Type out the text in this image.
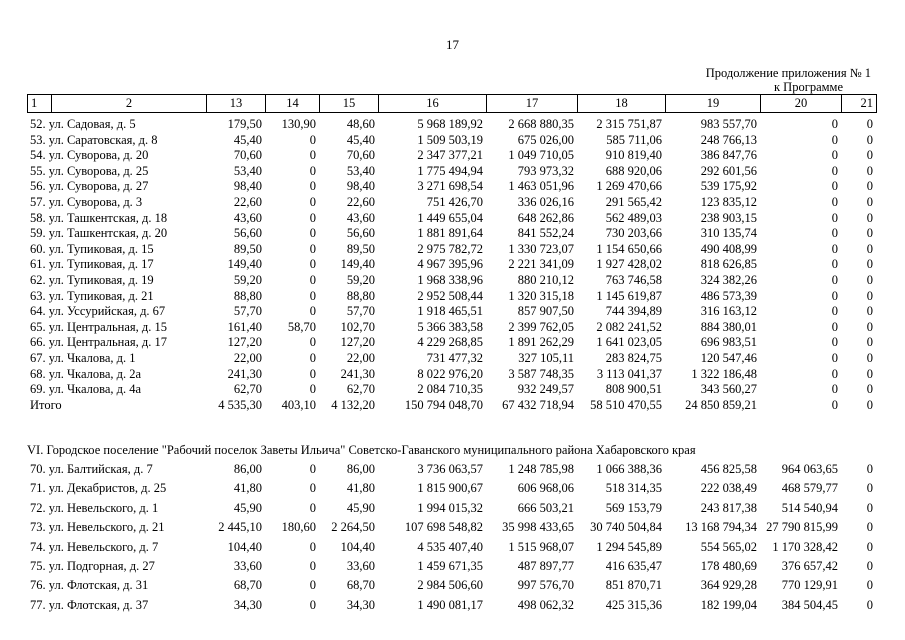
17
Продолжение приложения № 1
к Программе
1	2	13	14	15	16	17	18	19	20	21
52. ул. Садовая, д. 5	179,50	130,90	48,60	5 968 189,92	2 668 880,35	2 315 751,87	983 557,70	0	0
53. ул. Саратовская, д. 8	45,40	0	45,40	1 509 503,19	675 026,00	585 711,06	248 766,13	0	0
54. ул. Суворова, д. 20	70,60	0	70,60	2 347 377,21	1 049 710,05	910 819,40	386 847,76	0	0
55. ул. Суворова, д. 25	53,40	0	53,40	1 775 494,94	793 973,32	688 920,06	292 601,56	0	0
56. ул. Суворова, д. 27	98,40	0	98,40	3 271 698,54	1 463 051,96	1 269 470,66	539 175,92	0	0
57. ул. Суворова, д. 3	22,60	0	22,60	751 426,70	336 026,16	291 565,42	123 835,12	0	0
58. ул. Ташкентская, д. 18	43,60	0	43,60	1 449 655,04	648 262,86	562 489,03	238 903,15	0	0
59. ул. Ташкентская, д. 20	56,60	0	56,60	1 881 891,64	841 552,24	730 203,66	310 135,74	0	0
60. ул. Тупиковая, д. 15	89,50	0	89,50	2 975 782,72	1 330 723,07	1 154 650,66	490 408,99	0	0
61. ул. Тупиковая, д. 17	149,40	0	149,40	4 967 395,96	2 221 341,09	1 927 428,02	818 626,85	0	0
62. ул. Тупиковая, д. 19	59,20	0	59,20	1 968 338,96	880 210,12	763 746,58	324 382,26	0	0
63. ул. Тупиковая, д. 21	88,80	0	88,80	2 952 508,44	1 320 315,18	1 145 619,87	486 573,39	0	0
64. ул. Уссурийская, д. 67	57,70	0	57,70	1 918 465,51	857 907,50	744 394,89	316 163,12	0	0
65. ул. Центральная, д. 15	161,40	58,70	102,70	5 366 383,58	2 399 762,05	2 082 241,52	884 380,01	0	0
66. ул. Центральная, д. 17	127,20	0	127,20	4 229 268,85	1 891 262,29	1 641 023,05	696 983,51	0	0
67. ул. Чкалова, д. 1	22,00	0	22,00	731 477,32	327 105,11	283 824,75	120 547,46	0	0
68. ул. Чкалова, д. 2а	241,30	0	241,30	8 022 976,20	3 587 748,35	3 113 041,37	1 322 186,48	0	0
69. ул. Чкалова, д. 4а	62,70	0	62,70	2 084 710,35	932 249,57	808 900,51	343 560,27	0	0
Итого	4 535,30	403,10	4 132,20	150 794 048,70	67 432 718,94	58 510 470,55	24 850 859,21	0	0
VI. Городское поселение "Рабочий поселок Заветы Ильича" Советско-Гаванского муниципального района Хабаровского края
70. ул. Балтийская, д. 7	86,00	0	86,00	3 736 063,57	1 248 785,98	1 066 388,36	456 825,58	964 063,65	0
71. ул. Декабристов, д. 25	41,80	0	41,80	1 815 900,67	606 968,06	518 314,35	222 038,49	468 579,77	0
72. ул. Невельского, д. 1	45,90	0	45,90	1 994 015,32	666 503,21	569 153,79	243 817,38	514 540,94	0
73. ул. Невельского, д. 21	2 445,10	180,60	2 264,50	107 698 548,82	35 998 433,65	30 740 504,84	13 168 794,34	27 790 815,99	0
74. ул. Невельского, д. 7	104,40	0	104,40	4 535 407,40	1 515 968,07	1 294 545,89	554 565,02	1 170 328,42	0
75. ул. Подгорная, д. 27	33,60	0	33,60	1 459 671,35	487 897,77	416 635,47	178 480,69	376 657,42	0
76. ул. Флотская, д. 31	68,70	0	68,70	2 984 506,60	997 576,70	851 870,71	364 929,28	770 129,91	0
77. ул. Флотская, д. 37	34,30	0	34,30	1 490 081,17	498 062,32	425 315,36	182 199,04	384 504,45	0
